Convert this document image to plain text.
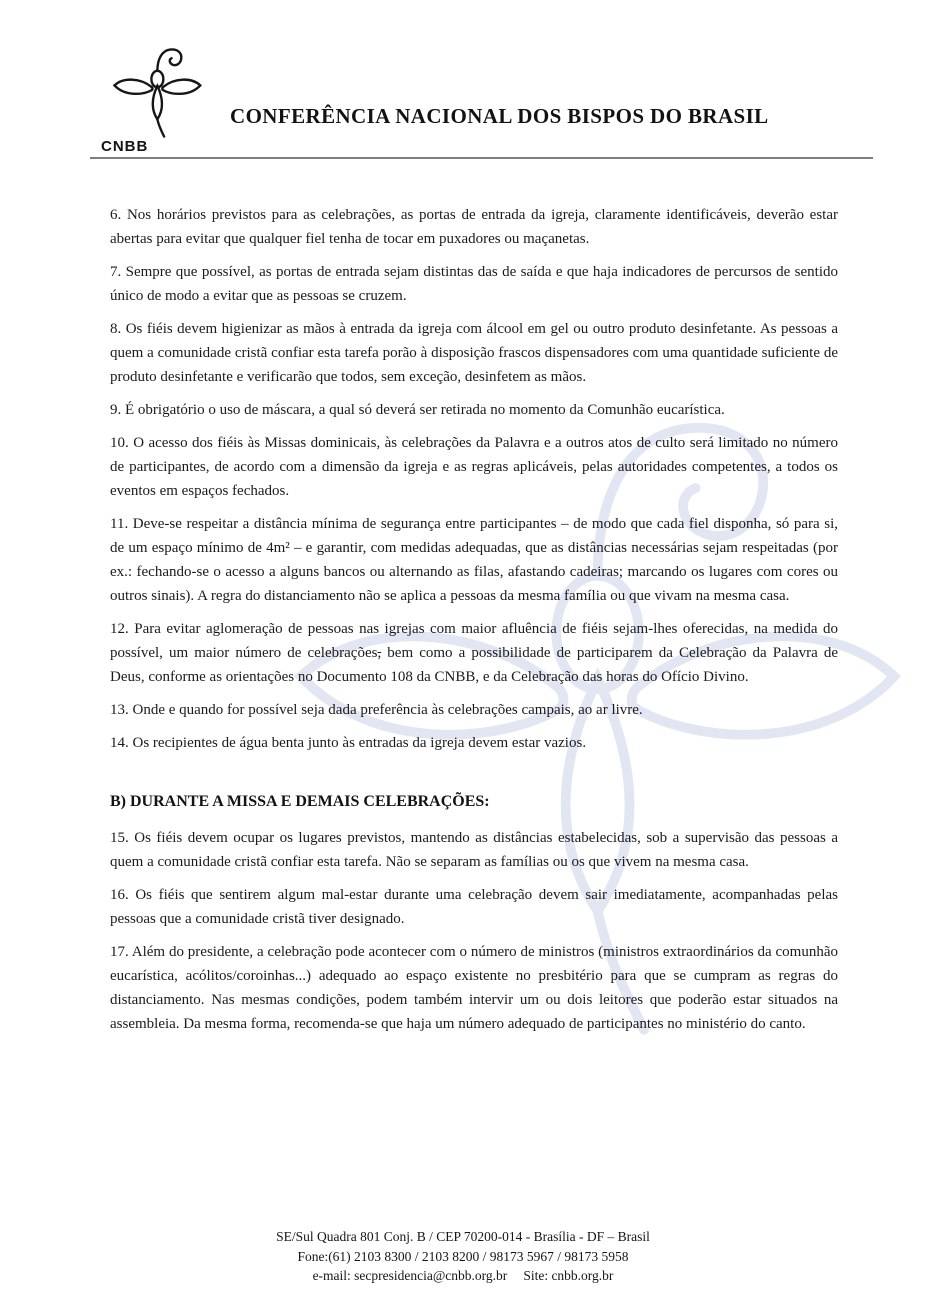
CNBB
CONFERÊNCIA NACIONAL DOS BISPOS DO BRASIL

6. Nos horários previstos para as celebrações, as portas de entrada da igreja, claramente identificáveis, deverão estar abertas para evitar que qualquer fiel tenha de tocar em puxadores ou maçanetas.

7. Sempre que possível, as portas de entrada sejam distintas das de saída e que haja indicadores de percursos de sentido único de modo a evitar que as pessoas se cruzem.

8. Os fiéis devem higienizar as mãos à entrada da igreja com álcool em gel ou outro produto desinfetante. As pessoas a quem a comunidade cristã confiar esta tarefa porão à disposição frascos dispensadores com uma quantidade suficiente de produto desinfetante e verificarão que todos, sem exceção, desinfetem as mãos.

9. É obrigatório o uso de máscara, a qual só deverá ser retirada no momento da Comunhão eucarística.

10. O acesso dos fiéis às Missas dominicais, às celebrações da Palavra e a outros atos de culto será limitado no número de participantes, de acordo com a dimensão da igreja e as regras aplicáveis, pelas autoridades competentes, a todos os eventos em espaços fechados.

11. Deve-se respeitar a distância mínima de segurança entre participantes – de modo que cada fiel disponha, só para si, de um espaço mínimo de 4m² – e garantir, com medidas adequadas, que as distâncias necessárias sejam respeitadas (por ex.: fechando-se o acesso a alguns bancos ou alternando as filas, afastando cadeiras; marcando os lugares com cores ou outros sinais). A regra do distanciamento não se aplica a pessoas da mesma família ou que vivam na mesma casa.

12. Para evitar aglomeração de pessoas nas igrejas com maior afluência de fiéis sejam-lhes oferecidas, na medida do possível, um maior número de celebrações, bem como a possibilidade de participarem da Celebração da Palavra de Deus, conforme as orientações no Documento 108 da CNBB, e da Celebração das horas do Ofício Divino.

13. Onde e quando for possível seja dada preferência às celebrações campais, ao ar livre.

14. Os recipientes de água benta junto às entradas da igreja devem estar vazios.

B) DURANTE A MISSA E DEMAIS CELEBRAÇÕES:

15. Os fiéis devem ocupar os lugares previstos, mantendo as distâncias estabelecidas, sob a supervisão das pessoas a quem a comunidade cristã confiar esta tarefa. Não se separam as famílias ou os que vivem na mesma casa.

16. Os fiéis que sentirem algum mal-estar durante uma celebração devem sair imediatamente, acompanhadas pelas pessoas que a comunidade cristã tiver designado.

17. Além do presidente, a celebração pode acontecer com o número de ministros (ministros extraordinários da comunhão eucarística, acólitos/coroinhas...) adequado ao espaço existente no presbitério para que se cumpram as regras do distanciamento. Nas mesmas condições, podem também intervir um ou dois leitores que poderão estar situados na assembleia. Da mesma forma, recomenda-se que haja um número adequado de participantes no ministério do canto.

SE/Sul Quadra 801 Conj. B / CEP 70200-014 - Brasília - DF – Brasil
Fone:(61) 2103 8300 / 2103 8200 / 98173 5967 / 98173 5958
e-mail: secpresidencia@cnbb.org.br Site: cnbb.org.br
